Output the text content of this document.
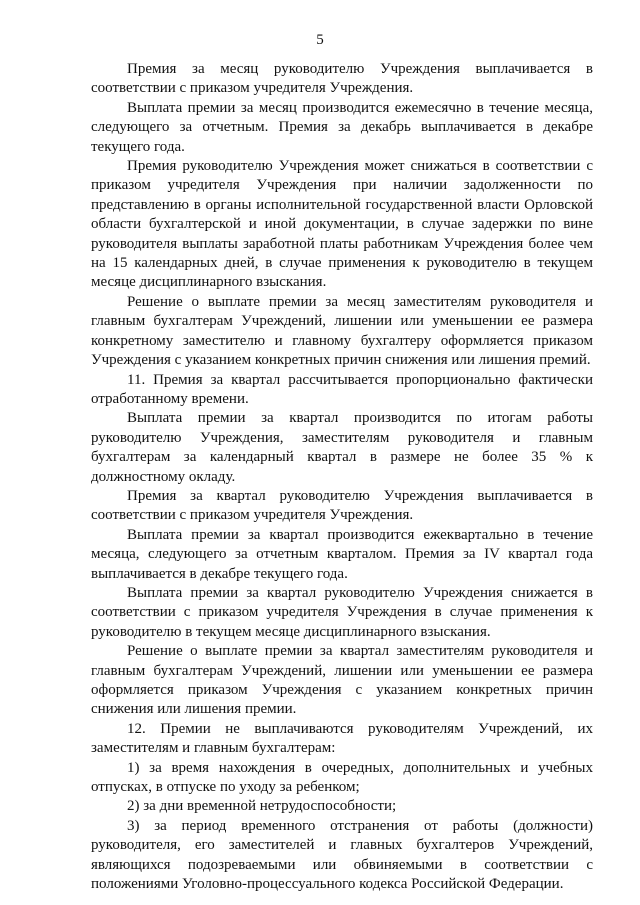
5

Премия за месяц руководителю Учреждения выплачивается в соответствии с приказом учредителя Учреждения.

Выплата премии за месяц производится ежемесячно в течение месяца, следующего за отчетным. Премия за декабрь выплачивается в декабре текущего года.

Премия руководителю Учреждения может снижаться в соответствии с приказом учредителя Учреждения при наличии задолженности по представлению в органы исполнительной государственной власти Орловской области бухгалтерской и иной документации, в случае задержки по вине руководителя выплаты заработной платы работникам Учреждения более чем на 15 календарных дней, в случае применения к руководителю в текущем месяце дисциплинарного взыскания.

Решение о выплате премии за месяц заместителям руководителя и главным бухгалтерам Учреждений, лишении или уменьшении ее размера конкретному заместителю и главному бухгалтеру оформляется приказом Учреждения с указанием конкретных причин снижения или лишения премий.

11. Премия за квартал рассчитывается пропорционально фактически отработанному времени.

Выплата премии за квартал производится по итогам работы руководителю Учреждения, заместителям руководителя и главным бухгалтерам за календарный квартал в размере не более 35 % к должностному окладу.

Премия за квартал руководителю Учреждения выплачивается в соответствии с приказом учредителя Учреждения.

Выплата премии за квартал производится ежеквартально в течение месяца, следующего за отчетным кварталом. Премия за IV квартал года выплачивается в декабре текущего года.

Выплата премии за квартал руководителю Учреждения снижается в соответствии с приказом учредителя Учреждения в случае применения к руководителю в текущем месяце дисциплинарного взыскания.

Решение о выплате премии за квартал заместителям руководителя и главным бухгалтерам Учреждений, лишении или уменьшении ее размера оформляется приказом Учреждения с указанием конкретных причин снижения или лишения премии.

12. Премии не выплачиваются руководителям Учреждений, их заместителям и главным бухгалтерам:

1) за время нахождения в очередных, дополнительных и учебных отпусках, в отпуске по уходу за ребенком;

2) за дни временной нетрудоспособности;

3) за период временного отстранения от работы (должности) руководителя, его заместителей и главных бухгалтеров Учреждений, являющихся подозреваемыми или обвиняемыми в соответствии с положениями Уголовно-процессуального кодекса Российской Федерации.
